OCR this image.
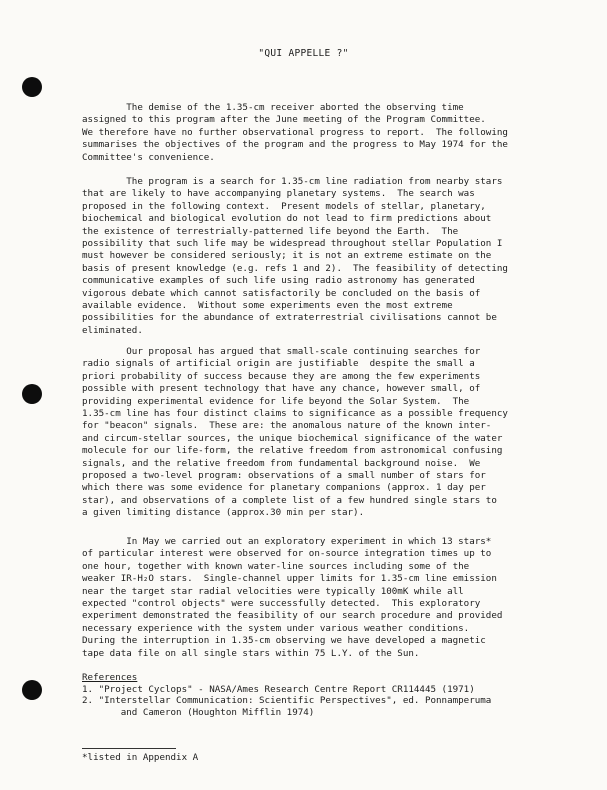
"QUI APPELLE ?"
The demise of the 1.35-cm receiver aborted the observing time
assigned to this program after the June meeting of the Program Committee.
We therefore have no further observational progress to report.  The following
summarises the objectives of the program and the progress to May 1974 for the
Committee's convenience.
The program is a search for 1.35-cm line radiation from nearby stars
that are likely to have accompanying planetary systems.  The search was
proposed in the following context.  Present models of stellar, planetary,
biochemical and biological evolution do not lead to firm predictions about
the existence of terrestrially-patterned life beyond the Earth.  The
possibility that such life may be widespread throughout stellar Population I
must however be considered seriously; it is not an extreme estimate on the
basis of present knowledge (e.g. refs 1 and 2).  The feasibility of detecting
communicative examples of such life using radio astronomy has generated
vigorous debate which cannot satisfactorily be concluded on the basis of
available evidence.  Without some experiments even the most extreme
possibilities for the abundance of extraterrestrial civilisations cannot be
eliminated.
Our proposal has argued that small-scale continuing searches for
radio signals of artificial origin are justifiable  despite the small a
priori probability of success because they are among the few experiments
possible with present technology that have any chance, however small, of
providing experimental evidence for life beyond the Solar System.  The
1.35-cm line has four distinct claims to significance as a possible frequency
for "beacon" signals.  These are: the anomalous nature of the known inter-
and circum-stellar sources, the unique biochemical significance of the water
molecule for our life-form, the relative freedom from astronomical confusing
signals, and the relative freedom from fundamental background noise.  We
proposed a two-level program: observations of a small number of stars for
which there was some evidence for planetary companions (approx. 1 day per
star), and observations of a complete list of a few hundred single stars to
a given limiting distance (approx.30 min per star).
In May we carried out an exploratory experiment in which 13 stars*
of particular interest were observed for on-source integration times up to
one hour, together with known water-line sources including some of the
weaker IR-H₂O stars.  Single-channel upper limits for 1.35-cm line emission
near the target star radial velocities were typically 100mK while all
expected "control objects" were successfully detected.  This exploratory
experiment demonstrated the feasibility of our search procedure and provided
necessary experience with the system under various weather conditions.
During the interruption in 1.35-cm observing we have developed a magnetic
tape data file on all single stars within 75 L.Y. of the Sun.
References
1. "Project Cyclops" - NASA/Ames Research Centre Report CR114445 (1971)
2. "Interstellar Communication: Scientific Perspectives", ed. Ponnamperuma
and Cameron (Houghton Mifflin 1974)
*listed in Appendix A
